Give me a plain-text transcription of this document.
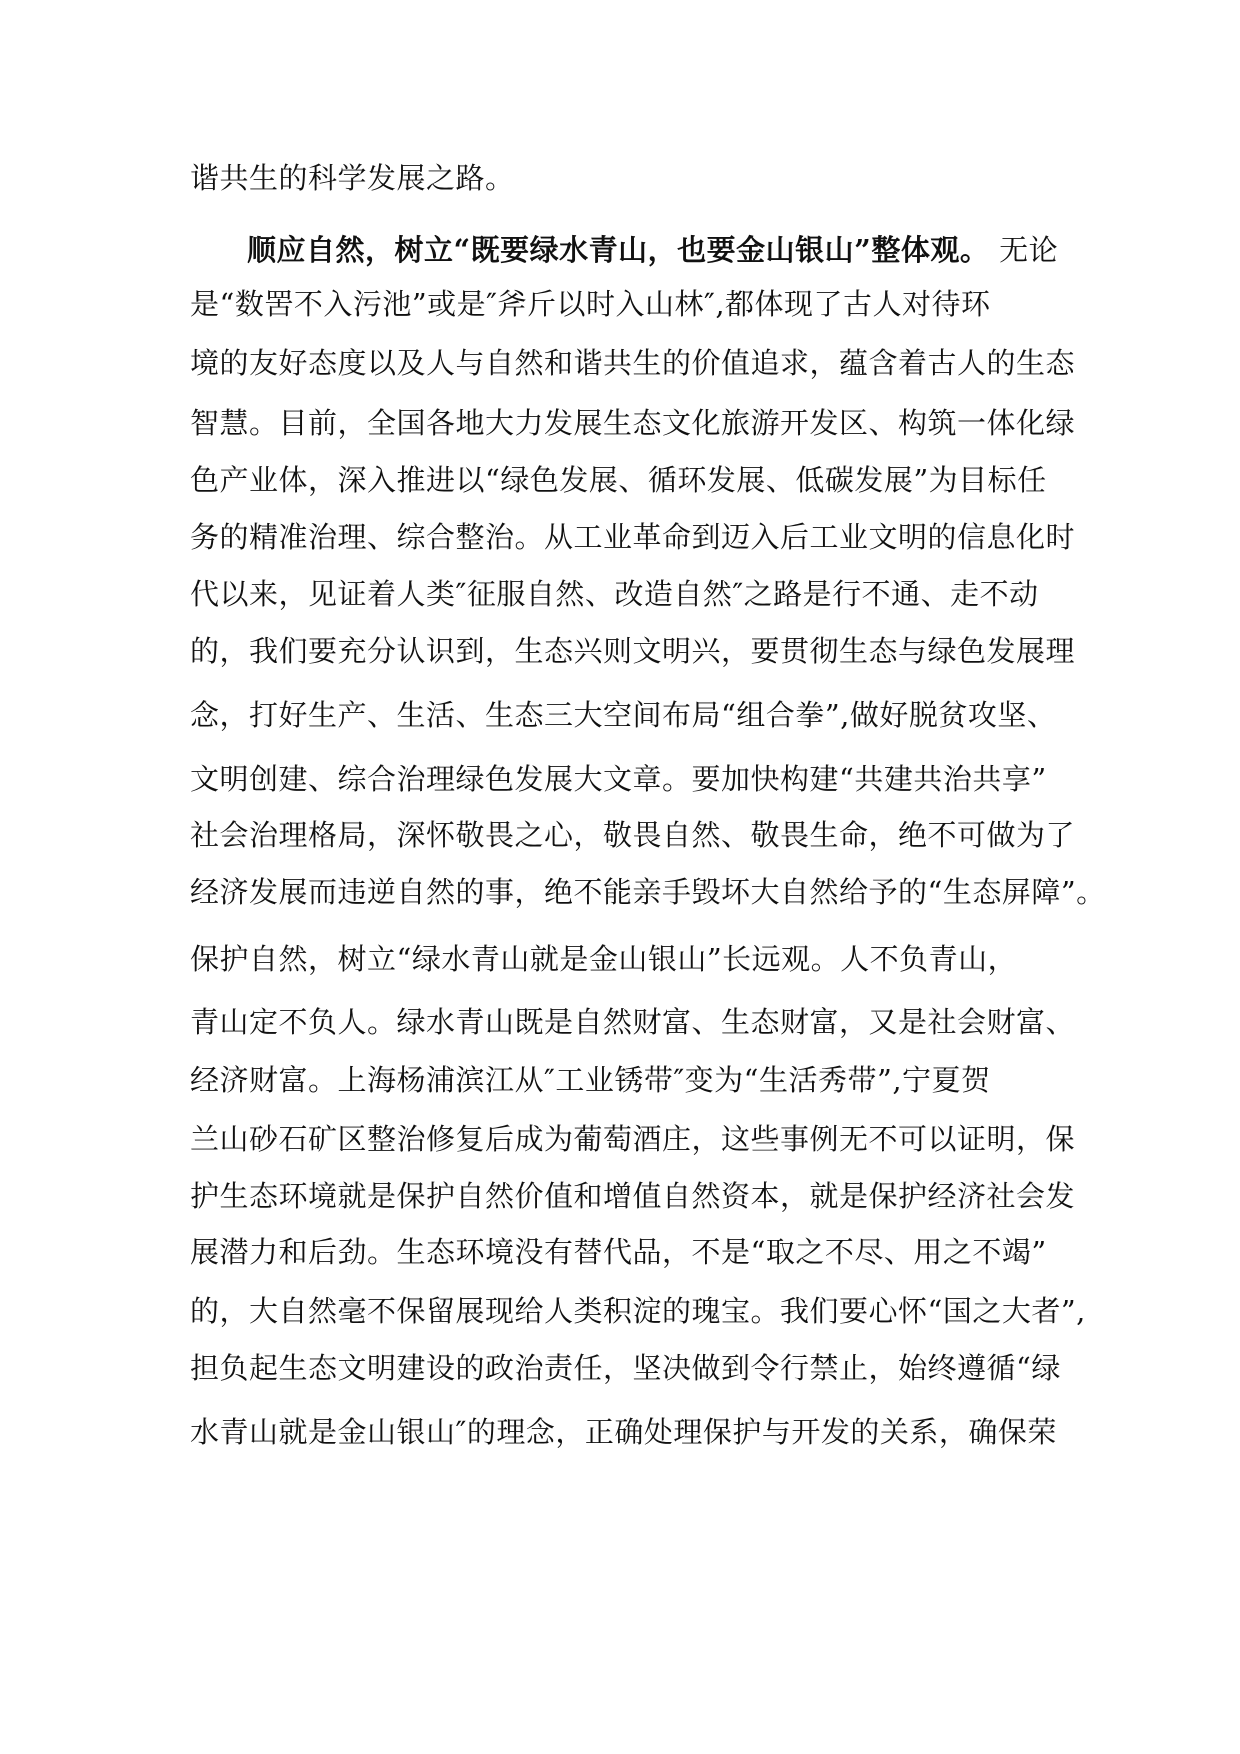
谐共生的科学发展之路。
顺应自然，树立“既要绿水青山，也要金山银山”整体观。 无论
是“数罟不入污池”或是″斧斤以时入山林″,都体现了古人对待环
境的友好态度以及人与自然和谐共生的价值追求，蕴含着古人的生态
智慧。目前，全国各地大力发展生态文化旅游开发区、构筑一体化绿
色产业体，深入推进以“绿色发展、循环发展、低碳发展”为目标任
务的精准治理、综合整治。从工业革命到迈入后工业文明的信息化时
代以来，见证着人类″征服自然、改造自然″之路是行不通、走不动
的，我们要充分认识到，生态兴则文明兴，要贯彻生态与绿色发展理
念，打好生产、生活、生态三大空间布局“组合拳”,做好脱贫攻坚、
文明创建、综合治理绿色发展大文章。要加快构建“共建共治共享”
社会治理格局，深怀敬畏之心，敬畏自然、敬畏生命，绝不可做为了
经济发展而违逆自然的事，绝不能亲手毁坏大自然给予的“生态屏障”。
保护自然，树立“绿水青山就是金山银山”长远观。人不负青山，
青山定不负人。绿水青山既是自然财富、生态财富，又是社会财富、
经济财富。上海杨浦滨江从″工业锈带″变为“生活秀带”,宁夏贺
兰山砂石矿区整治修复后成为葡萄酒庄，这些事例无不可以证明，保
护生态环境就是保护自然价值和增值自然资本，就是保护经济社会发
展潜力和后劲。生态环境没有替代品，不是“取之不尽、用之不竭”
的，大自然毫不保留展现给人类积淀的瑰宝。我们要心怀“国之大者”,
担负起生态文明建设的政治责任，坚决做到令行禁止，始终遵循“绿
水青山就是金山银山″的理念，正确处理保护与开发的关系，确保荣
